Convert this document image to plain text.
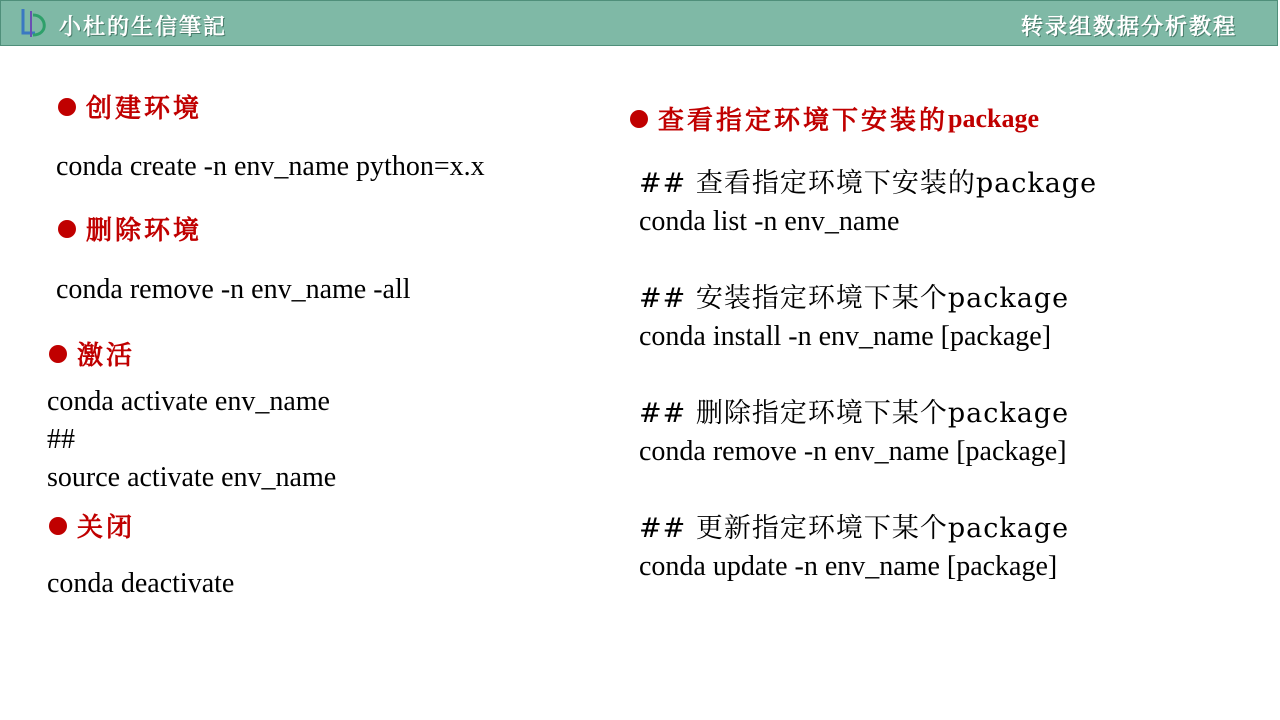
小杜的生信筆記	转录组数据分析教程
创建环境
conda create -n env_name python=x.x
删除环境
conda remove -n env_name -all
激活
conda activate env_name
##
source activate env_name
关闭
conda deactivate
查看指定环境下安装的 package
## 查看指定环境下安装的package
conda list -n env_name
## 安装指定环境下某个package
conda install -n env_name [package]
## 删除指定环境下某个package
conda remove -n env_name [package]
## 更新指定环境下某个package
conda update -n env_name [package]
